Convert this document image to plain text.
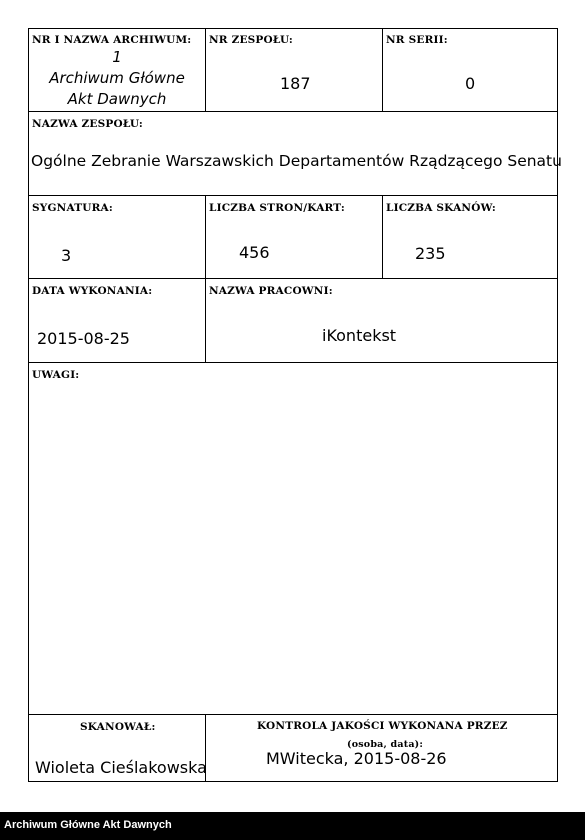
NR I NAZWA ARCHIWUM:
1
Archiwum Główne
Akt Dawnych
NR ZESPOŁU:
187
NR SERII:
0
NAZWA ZESPOŁU:
Ogólne Zebranie Warszawskich Departamentów Rządzącego Senatu
SYGNATURA:
3
LICZBA STRON/KART:
456
LICZBA SKANÓW:
235
DATA WYKONANIA:
2015-08-25
NAZWA PRACOWNI:
iKontekst
UWAGI:
SKANOWAŁ:
Wioleta Cieślakowska
KONTROLA JAKOŚCI WYKONANA PRZEZ
(osoba, data):
MWitecka, 2015-08-26
Archiwum Główne Akt Dawnych
